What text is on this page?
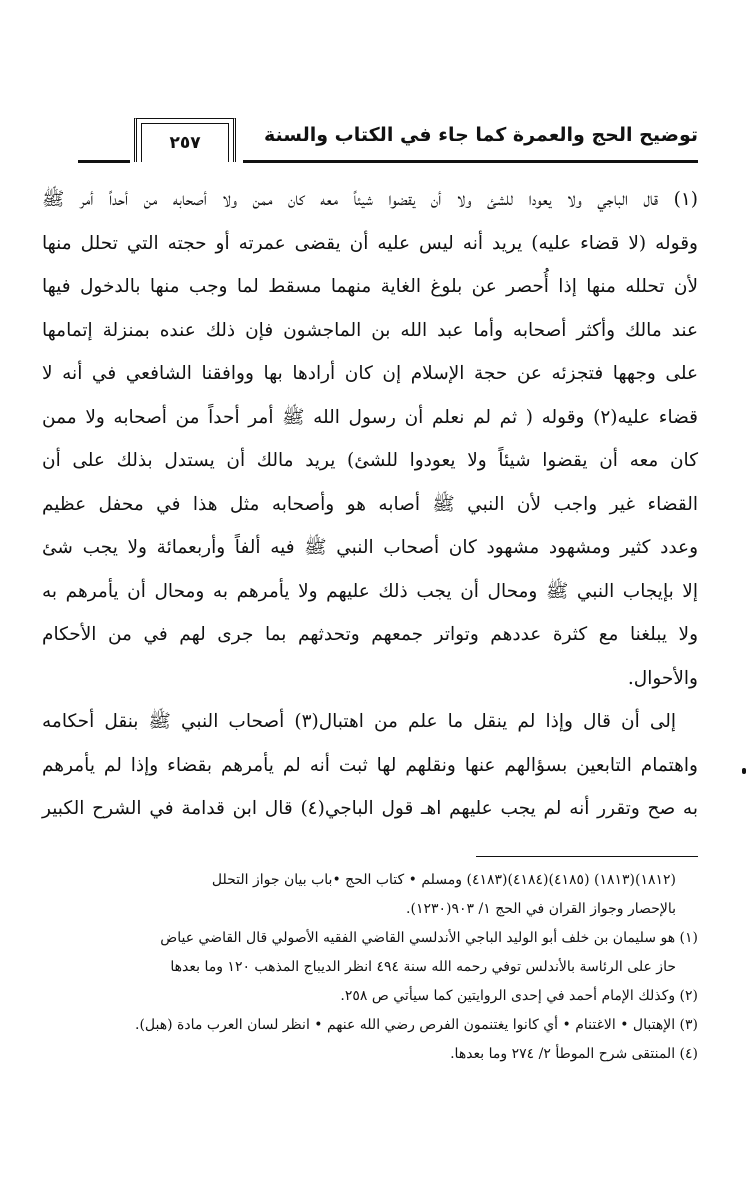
توضيح الحج والعمرة كما جاء في الكتاب والسنة
٢٥٧

(١) قال الباجي ولا يعودا للشئ ولا أن يقضوا شيئاً معه كان ممن ولا أصحابه من أحداً أمر ﷺ

وقوله (لا قضاء عليه) يريد أنه ليس عليه أن يقضى عمرته أو حجته التي تحلل منها

لأن تحلله منها إذا أُحصر عن بلوغ الغاية منهما مسقط لما وجب منها بالدخول فيها

عند مالك وأكثر أصحابه وأما عبد الله بن الماجشون فإن ذلك عنده بمنزلة إتمامها

على وجهها فتجزئه عن حجة الإسلام إن كان أرادها بها ووافقنا الشافعي في أنه لا

قضاء عليه(٢) وقوله ( ثم لم نعلم أن رسول الله ﷺ أمر أحداً من أصحابه ولا ممن

كان معه أن يقضوا شيئاً ولا يعودوا للشئ) يريد مالك أن يستدل بذلك على أن

القضاء غير واجب لأن النبي ﷺ أصابه هو وأصحابه مثل هذا في محفل عظيم

وعدد كثير ومشهود مشهود كان أصحاب النبي ﷺ فيه ألفاً وأربعمائة ولا يجب شئ

إلا بإيجاب النبي ﷺ ومحال أن يجب ذلك عليهم ولا يأمرهم به ومحال أن يأمرهم به

ولا يبلغنا مع كثرة عددهم وتواتر جمعهم وتحدثهم بما جرى لهم في من الأحكام

والأحوال.

إلى أن قال وإذا لم ينقل ما علم من اهتبال(٣) أصحاب النبي ﷺ بنقل أحكامه

واهتمام التابعين بسؤالهم عنها ونقلهم لها ثبت أنه لم يأمرهم بقضاء وإذا لم يأمرهم

به صح وتقرر أنه لم يجب عليهم اهـ قول الباجي(٤) قال ابن قدامة في الشرح الكبير

(١٨١٢)(١٨١٣) (٤١٨٥)(٤١٨٤)(٤١٨٣) ومسلم • كتاب الحج •باب بيان جواز التحلل
بالإحصار وجواز القران في الحج ١/ ٩٠٣(١٢٣٠).
(١) هو سليمان بن خلف أبو الوليد الباجي الأندلسي القاضي الفقيه الأصولي قال القاضي عياض
حاز على الرئاسة بالأندلس توفي رحمه الله سنة ٤٩٤ انظر الديباج المذهب ١٢٠ وما بعدها
(٢) وكذلك الإمام أحمد في إحدى الروايتين كما سيأتي ص ٢٥٨.
(٣) الإهتبال • الاغتنام • أي كانوا يغتنمون الفرص رضي الله عنهم • انظر لسان العرب مادة (هبل).
(٤) المنتقى شرح الموطأ ٢/ ٢٧٤ وما بعدها.
